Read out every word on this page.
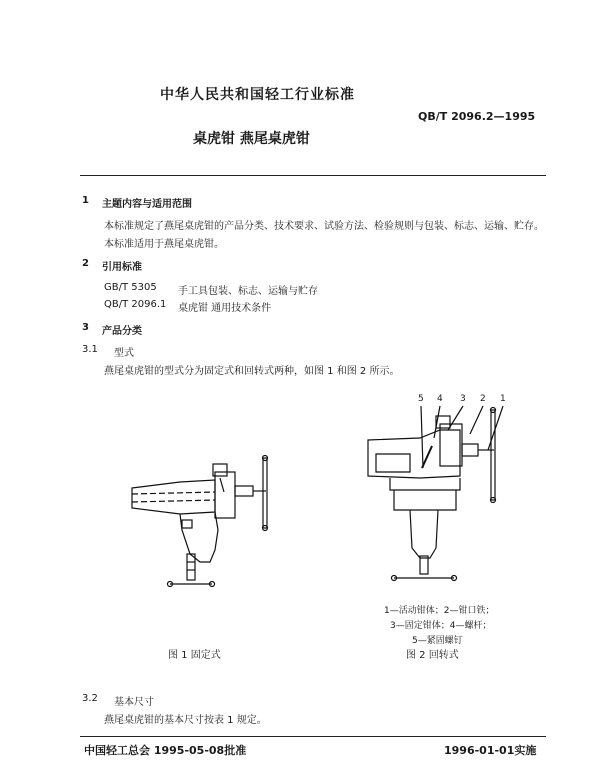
中华人民共和国轻工行业标准
QB/T 2096.2—1995
桌虎钳 燕尾桌虎钳
1 主题内容与适用范围
本标准规定了燕尾桌虎钳的产品分类、技术要求、试验方法、检验规则与包装、标志、运输、贮存。
本标准适用于燕尾桌虎钳。
2 引用标准
GB/T 5305 手工具包装、标志、运输与贮存
QB/T 2096.1 桌虎钳 通用技术条件
3 产品分类
3.1 型式
燕尾桌虎钳的型式分为固定式和回转式两种，如图 1 和图 2 所示。
图 1 固定式
5 4 3 2 1
1—活动钳体；2—钳口铁；
3—固定钳体；4—螺杆；
5—紧固螺钉
图 2 回转式
3.2 基本尺寸
燕尾桌虎钳的基本尺寸按表 1 规定。
中国轻工总会 1995-05-08批准	1996-01-01实施
